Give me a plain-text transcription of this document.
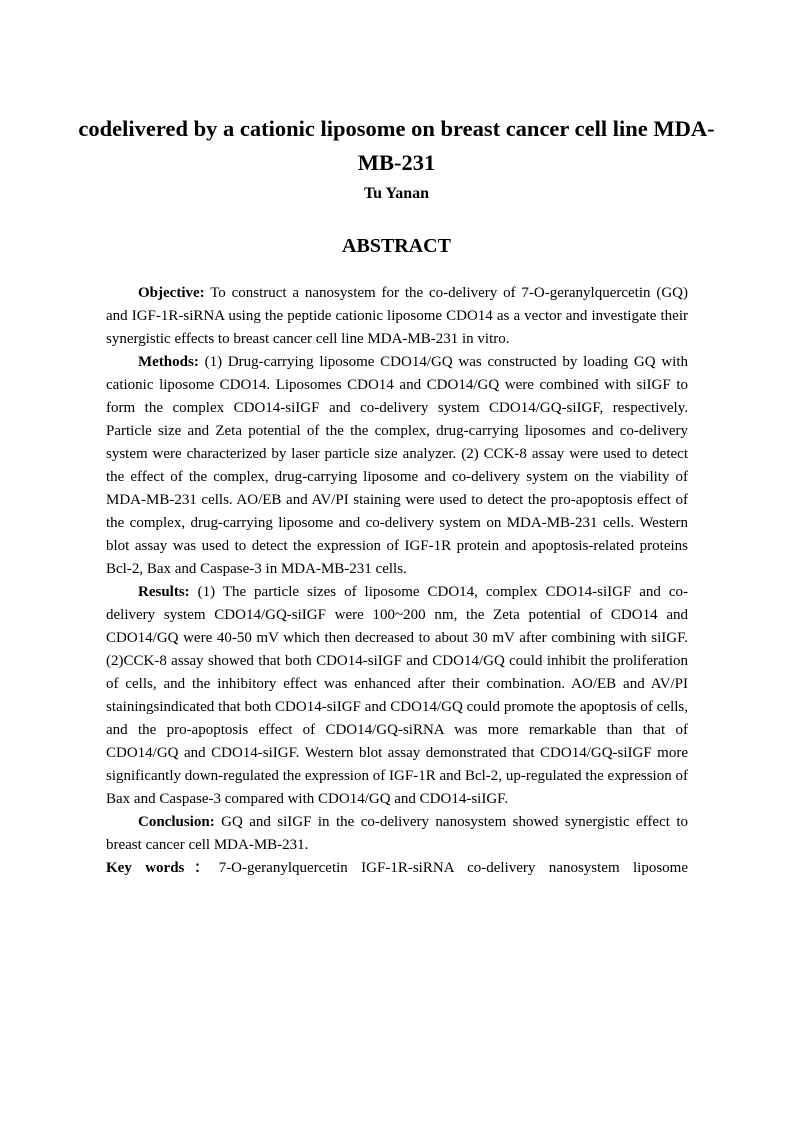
codelivered by a cationic liposome on breast cancer cell line MDA-MB-231
Tu Yanan
ABSTRACT

Objective: To construct a nanosystem for the co-delivery of 7-O-geranylquercetin (GQ) and IGF-1R-siRNA using the peptide cationic liposome CDO14 as a vector and investigate their synergistic effects to breast cancer cell line MDA-MB-231 in vitro.

Methods: (1) Drug-carrying liposome CDO14/GQ was constructed by loading GQ with cationic liposome CDO14. Liposomes CDO14 and CDO14/GQ were combined with siIGF to form the complex CDO14-siIGF and co-delivery system CDO14/GQ-siIGF, respectively. Particle size and Zeta potential of the the complex, drug-carrying liposomes and co-delivery system were characterized by laser particle size analyzer. (2) CCK-8 assay were used to detect the effect of the complex, drug-carrying liposome and co-delivery system on the viability of MDA-MB-231 cells. AO/EB and AV/PI staining were used to detect the pro-apoptosis effect of the complex, drug-carrying liposome and co-delivery system on MDA-MB-231 cells. Western blot assay was used to detect the expression of IGF-1R protein and apoptosis-related proteins Bcl-2, Bax and Caspase-3 in MDA-MB-231 cells.

Results: (1) The particle sizes of liposome CDO14, complex CDO14-siIGF and co-delivery system CDO14/GQ-siIGF were 100~200 nm, the Zeta potential of CDO14 and CDO14/GQ were 40-50 mV which then decreased to about 30 mV after combining with siIGF. (2)CCK-8 assay showed that both CDO14-siIGF and CDO14/GQ could inhibit the proliferation of cells, and the inhibitory effect was enhanced after their combination. AO/EB and AV/PI stainingsindicated that both CDO14-siIGF and CDO14/GQ could promote the apoptosis of cells, and the pro-apoptosis effect of CDO14/GQ-siRNA was more remarkable than that of CDO14/GQ and CDO14-siIGF. Western blot assay demonstrated that CDO14/GQ-siIGF more significantly down-regulated the expression of IGF-1R and Bcl-2, up-regulated the expression of Bax and Caspase-3 compared with CDO14/GQ and CDO14-siIGF.

Conclusion: GQ and siIGF in the co-delivery nanosystem showed synergistic effect to breast cancer cell MDA-MB-231.

Key words：7-O-geranylquercetin IGF-1R-siRNA co-delivery nanosystem liposome
